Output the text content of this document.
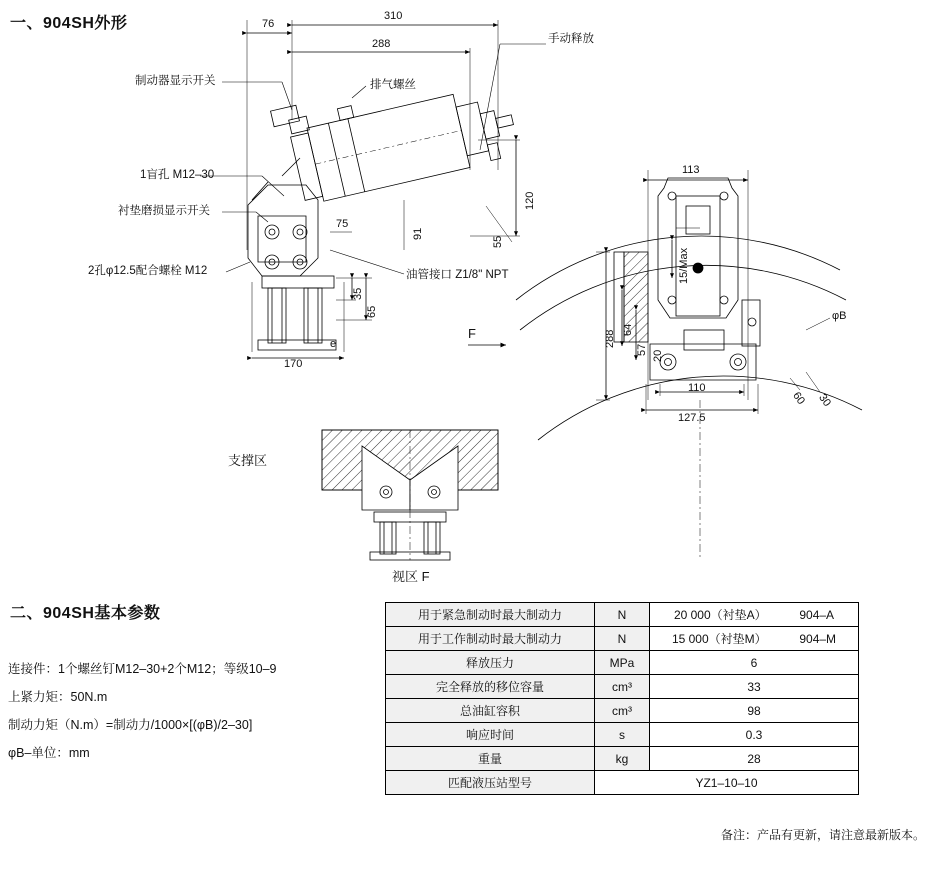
一、904SH外形
二、904SH基本参数
制动器显示开关	排气螺丝
手动释放
1盲孔 M12–30
衬垫磨损显示开关
2孔φ12.5配合螺栓 M12	油管接口 Z1/8" NPT
F
支撑区
视区 F
76
310
288
120
91
55
75
35
65
170
e
113
15/Max
288 64
57 20
110
127.5
φB
60 30
连接件：1个螺丝钉M12–30+2个M12；等级10–9
上紧力矩：50N.m
制动力矩（N.m）=制动力/1000×[(φB)/2–30]
φB–单位：mm
用于紧急制动时最大制动力	N	20 000（衬垫A） 904–A
用于工作制动时最大制动力	N	15 000（衬垫M） 904–M
释放压力	MPa	6
完全释放的移位容量	cm³	33
总油缸容积	cm³	98
响应时间	s	0.3
重量	kg	28
匹配液压站型号	YZ1–10–10	
备注：产品有更新，请注意最新版本。
